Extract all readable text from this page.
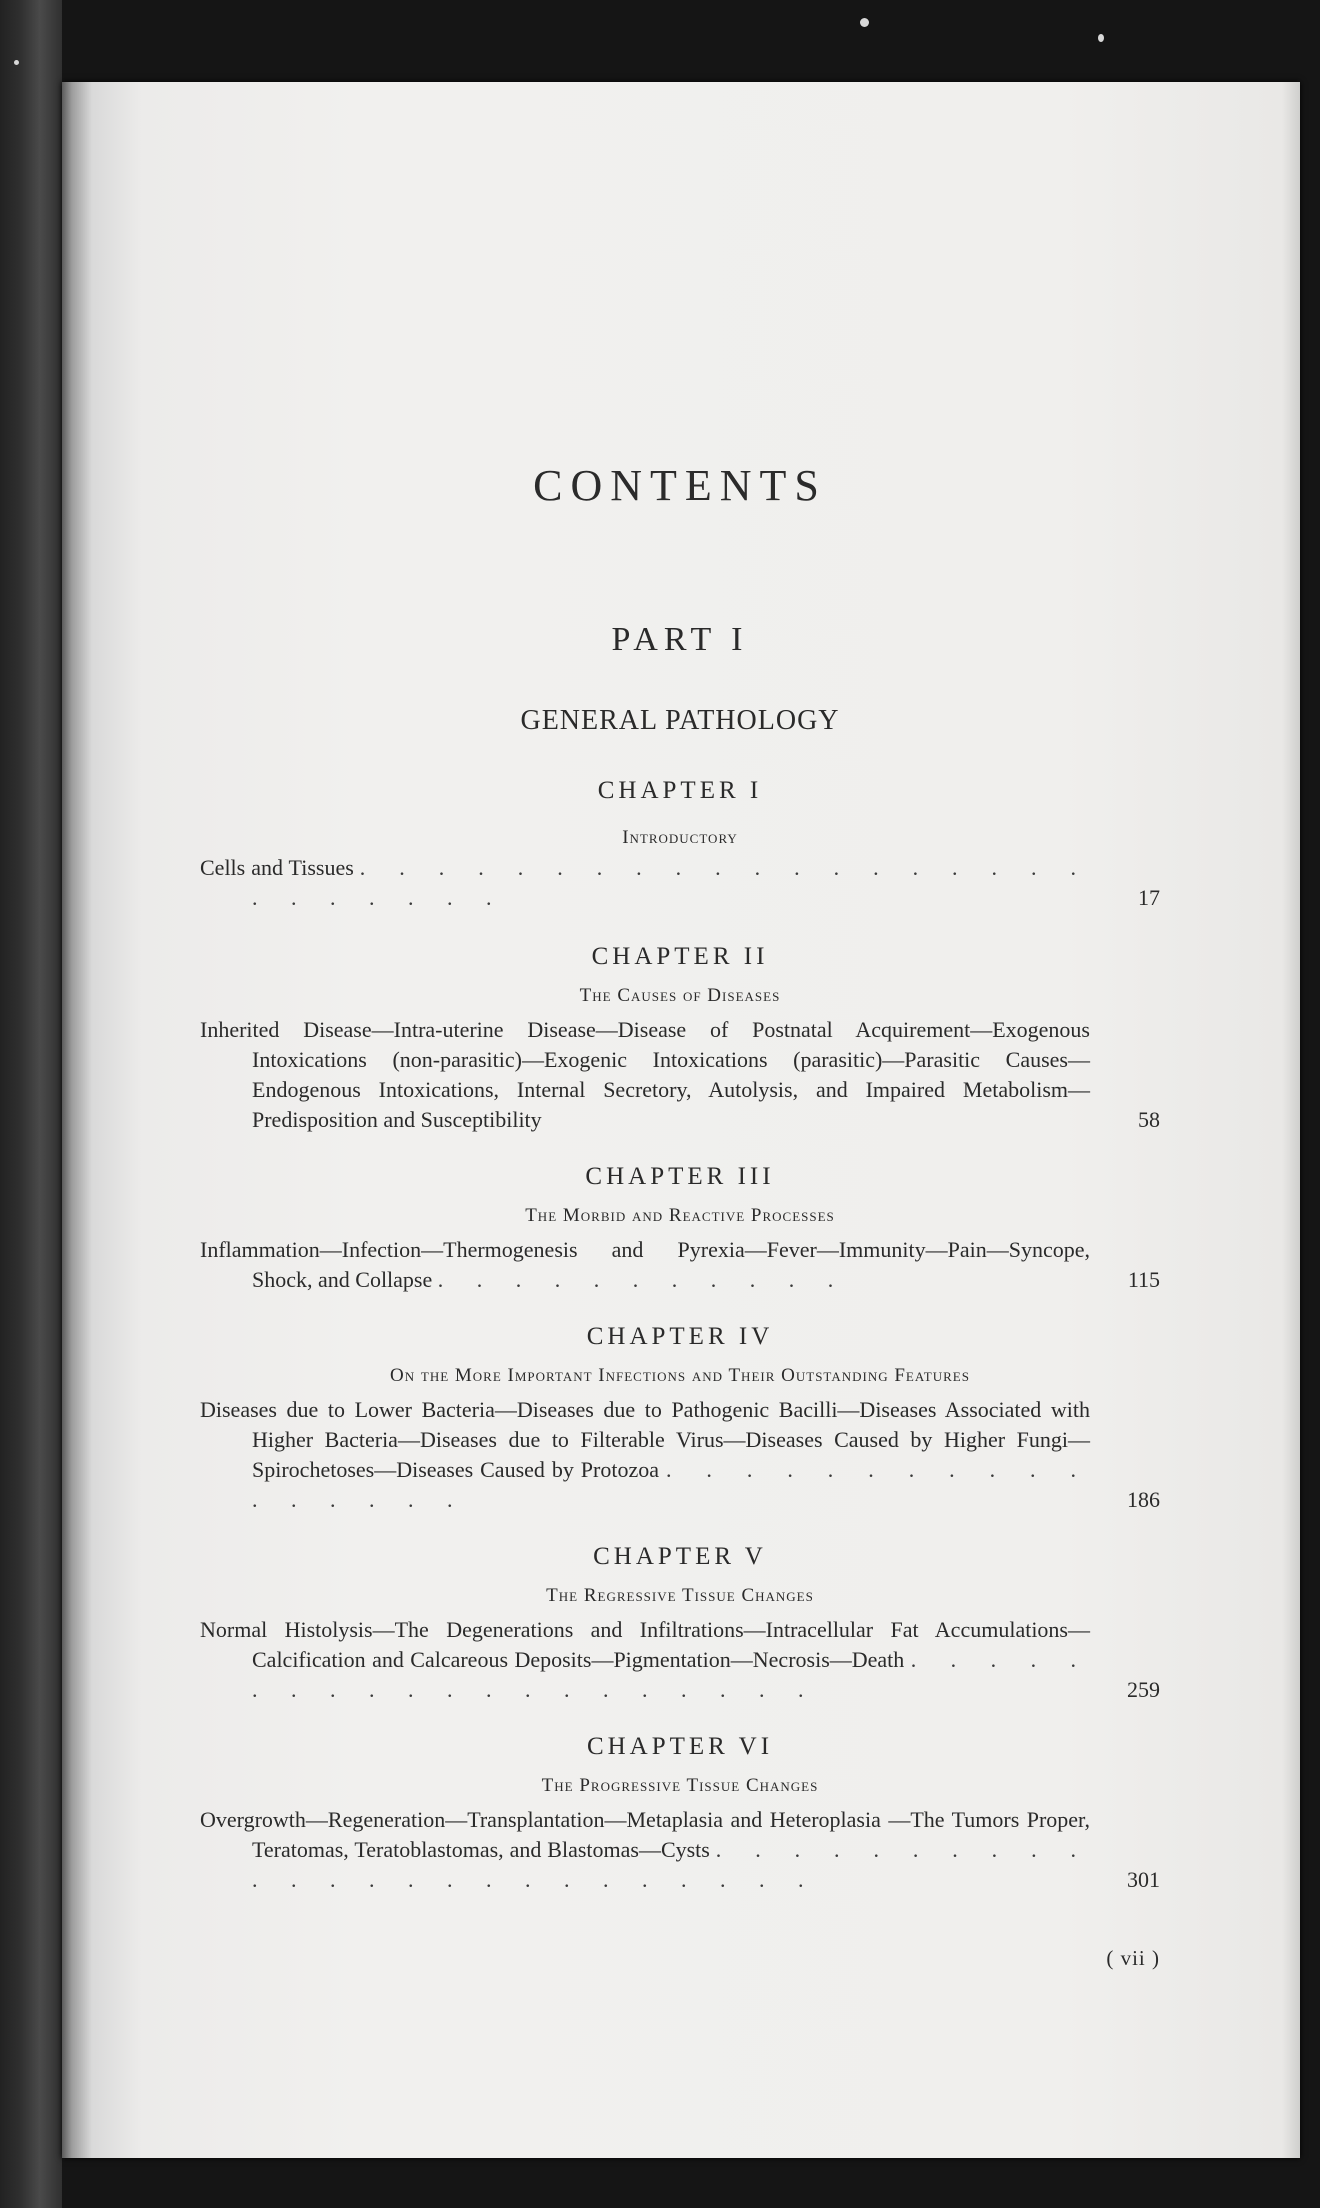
CONTENTS
PART I
GENERAL PATHOLOGY
CHAPTER I
Introductory
Cells and Tissues . . . . . . . . . . . . . . . . . . . . . . . . . .	17
CHAPTER II
The Causes of Diseases
Inherited Disease—Intra-uterine Disease—Disease of Postnatal Acquirement—Exogenous Intoxications (non-parasitic)—Exogenic Intoxications (parasitic)—Parasitic Causes—Endogenous Intoxications, Internal Secretory, Autolysis, and Impaired Metabolism—Predisposition and Susceptibility	58
CHAPTER III
The Morbid and Reactive Processes
Inflammation—Infection—Thermogenesis and Pyrexia—Fever—Immunity—Pain—Syncope, Shock, and Collapse . . . . . . . . . . .	115
CHAPTER IV
On the More Important Infections and Their Outstanding Features
Diseases due to Lower Bacteria—Diseases due to Pathogenic Bacilli—Diseases Associated with Higher Bacteria—Diseases due to Filterable Virus—Diseases Caused by Higher Fungi—Spirochetoses—Diseases Caused by Protozoa . . . . . . . . . . . . . . . . .	186
CHAPTER V
The Regressive Tissue Changes
Normal Histolysis—The Degenerations and Infiltrations—Intracellular Fat Accumulations—Calcification and Calcareous Deposits—Pigmentation—Necrosis—Death . . . . . . . . . . . . . . . . . . . .	259
CHAPTER VI
The Progressive Tissue Changes
Overgrowth—Regeneration—Transplantation—Metaplasia and Heteroplasia —The Tumors Proper, Teratomas, Teratoblastomas, and Blastomas—Cysts . . . . . . . . . . . . . . . . . . . . . . . . .	301
( vii )
